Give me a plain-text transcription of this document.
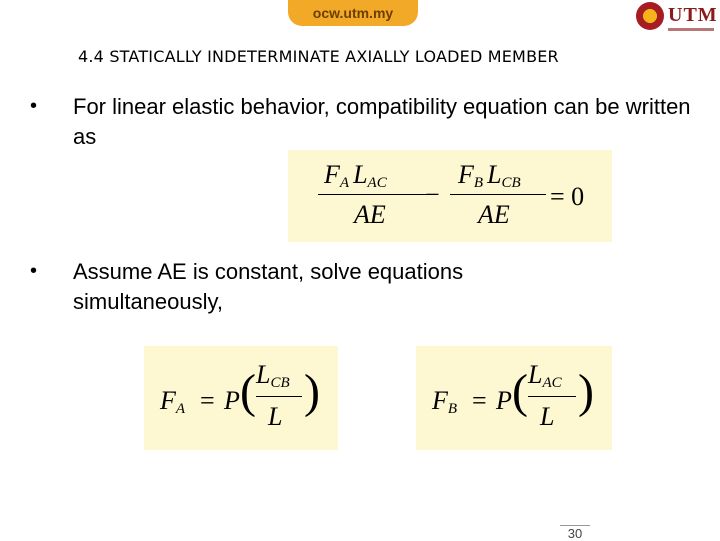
ocw.utm.my	UTM
4.4 STATICALLY INDETERMINATE AXIALLY LOADED MEMBER
• For linear elastic behavior, compatibility equation can be written as
$F_A$ $L_{AC}$
AE
−
$F_B$ $L_{CB}$
AE
= 0
• Assume AE is constant, solve equations simultaneously,
$F_A = P$ ( $L_{CB}$
L )	$F_B = P$ ( $L_{AC}$
L )
30
